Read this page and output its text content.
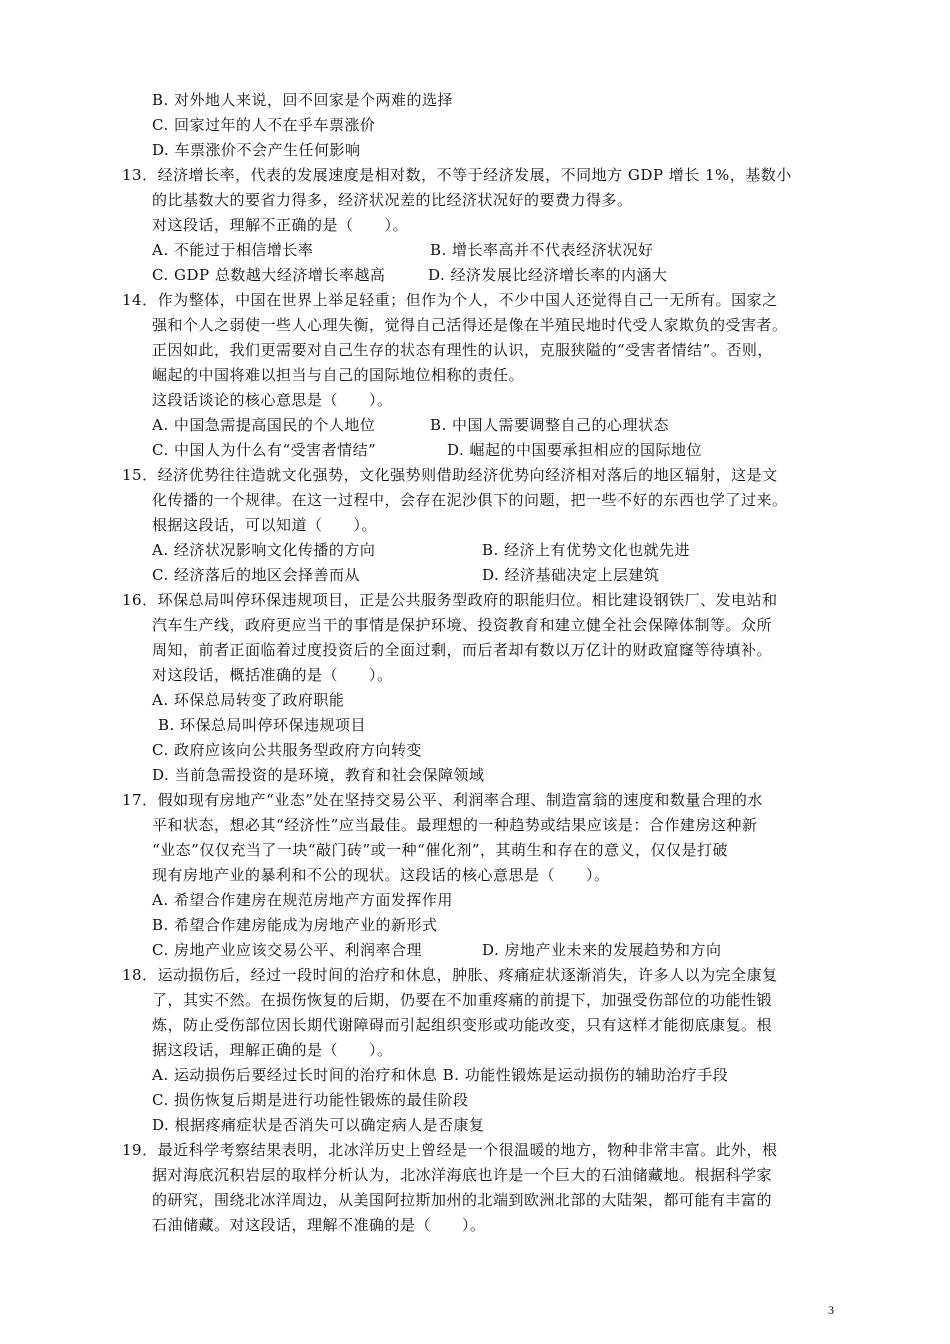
B. 对外地人来说，回不回家是个两难的选择
C. 回家过年的人不在乎车票涨价
D. 车票涨价不会产生任何影响
13．经济增长率，代表的发展速度是相对数，不等于经济发展，不同地方 GDP 增长 1%，基数小
的比基数大的要省力得多，经济状况差的比经济状况好的要费力得多。
对这段话，理解不正确的是（　　）。
A. 不能过于相信增长率
C. GDP 总数越大经济增长率越高
14．作为整体，中国在世界上举足轻重；但作为个人，不少中国人还觉得自己一无所有。国家之
强和个人之弱使一些人心理失衡，觉得自己活得还是像在半殖民地时代受人家欺负的受害者。
正因如此，我们更需要对自己生存的状态有理性的认识，克服狭隘的“受害者情结”。否则，
崛起的中国将难以担当与自己的国际地位相称的责任。
这段话谈论的核心意思是（　　）。
A. 中国急需提高国民的个人地位
C. 中国人为什么有“受害者情结”
15．经济优势往往造就文化强势，文化强势则借助经济优势向经济相对落后的地区辐射，这是文
化传播的一个规律。在这一过程中，会存在泥沙俱下的问题，把一些不好的东西也学了过来。
根据这段话，可以知道（　　）。
A. 经济状况影响文化传播的方向
C. 经济落后的地区会择善而从
16．环保总局叫停环保违规项目，正是公共服务型政府的职能归位。相比建设钢铁厂、发电站和
汽车生产线，政府更应当干的事情是保护环境、投资教育和建立健全社会保障体制等。众所
周知，前者正面临着过度投资后的全面过剩，而后者却有数以万亿计的财政窟窿等待填补。
对这段话，概括准确的是（　　）。
A. 环保总局转变了政府职能
B. 环保总局叫停环保违规项目
C. 政府应该向公共服务型政府方向转变
D. 当前急需投资的是环境，教育和社会保障领域
17．假如现有房地产“业态”处在坚持交易公平、利润率合理、制造富翁的速度和数量合理的水
平和状态，想必其“经济性”应当最佳。最理想的一种趋势或结果应该是：合作建房这种新
“业态”仅仅充当了一块“敲门砖”或一种“催化剂”，其萌生和存在的意义，仅仅是打破
现有房地产业的暴利和不公的现状。这段话的核心意思是（　　）。
A. 希望合作建房在规范房地产方面发挥作用
B. 希望合作建房能成为房地产业的新形式
C. 房地产业应该交易公平、利润率合理
18．运动损伤后，经过一段时间的治疗和休息，肿胀、疼痛症状逐渐消失，许多人以为完全康复
了，其实不然。在损伤恢复的后期，仍要在不加重疼痛的前提下，加强受伤部位的功能性锻
炼，防止受伤部位因长期代谢障碍而引起组织变形或功能改变，只有这样才能彻底康复。根
据这段话，理解正确的是（　　）。
A. 运动损伤后要经过长时间的治疗和休息 B. 功能性锻炼是运动损伤的辅助治疗手段
C. 损伤恢复后期是进行功能性锻炼的最佳阶段
D. 根据疼痛症状是否消失可以确定病人是否康复
19．最近科学考察结果表明，北冰洋历史上曾经是一个很温暖的地方，物种非常丰富。此外，根
据对海底沉积岩层的取样分析认为，北冰洋海底也许是一个巨大的石油储藏地。根据科学家
的研究，围绕北冰洋周边，从美国阿拉斯加州的北端到欧洲北部的大陆架，都可能有丰富的
石油储藏。对这段话，理解不准确的是（　　）。
B. 增长率高并不代表经济状况好
D. 经济发展比经济增长率的内涵大
B. 中国人需要调整自己的心理状态
D. 崛起的中国要承担相应的国际地位
B. 经济上有优势文化也就先进
D. 经济基础决定上层建筑
D. 房地产业未来的发展趋势和方向
3
